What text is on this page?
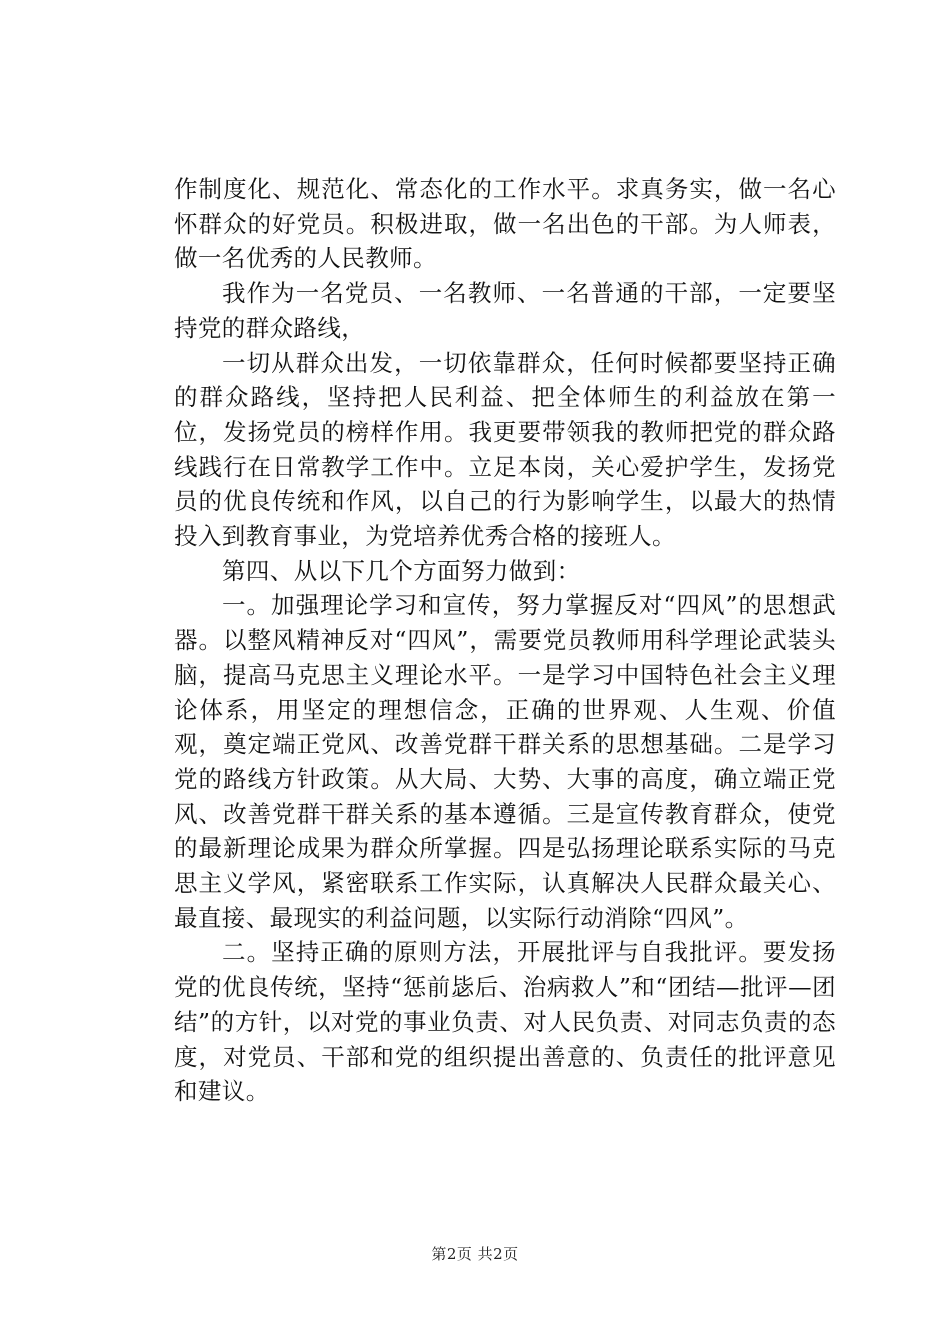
作制度化、规范化、常态化的工作水平。求真务实，做一名心怀群众的好党员。积极进取，做一名出色的干部。为人师表，做一名优秀的人民教师。

我作为一名党员、一名教师、一名普通的干部，一定要坚持党的群众路线，

一切从群众出发，一切依靠群众，任何时候都要坚持正确的群众路线，坚持把人民利益、把全体师生的利益放在第一位，发扬党员的榜样作用。我更要带领我的教师把党的群众路线践行在日常教学工作中。立足本岗，关心爱护学生，发扬党员的优良传统和作风，以自己的行为影响学生，以最大的热情投入到教育事业，为党培养优秀合格的接班人。

第四、从以下几个方面努力做到：

一。加强理论学习和宣传，努力掌握反对“四风”的思想武器。以整风精神反对“四风”，需要党员教师用科学理论武装头脑，提高马克思主义理论水平。一是学习中国特色社会主义理论体系，用坚定的理想信念，正确的世界观、人生观、价值观，奠定端正党风、改善党群干群关系的思想基础。二是学习党的路线方针政策。从大局、大势、大事的高度，确立端正党风、改善党群干群关系的基本遵循。三是宣传教育群众，使党的最新理论成果为群众所掌握。四是弘扬理论联系实际的马克思主义学风，紧密联系工作实际，认真解决人民群众最关心、最直接、最现实的利益问题，以实际行动消除“四风”。

二。坚持正确的原则方法，开展批评与自我批评。要发扬党的优良传统，坚持“惩前毖后、治病救人”和“团结—批评—团结”的方针，以对党的事业负责、对人民负责、对同志负责的态度，对党员、干部和党的组织提出善意的、负责任的批评意见和建议。

第2页 共2页
